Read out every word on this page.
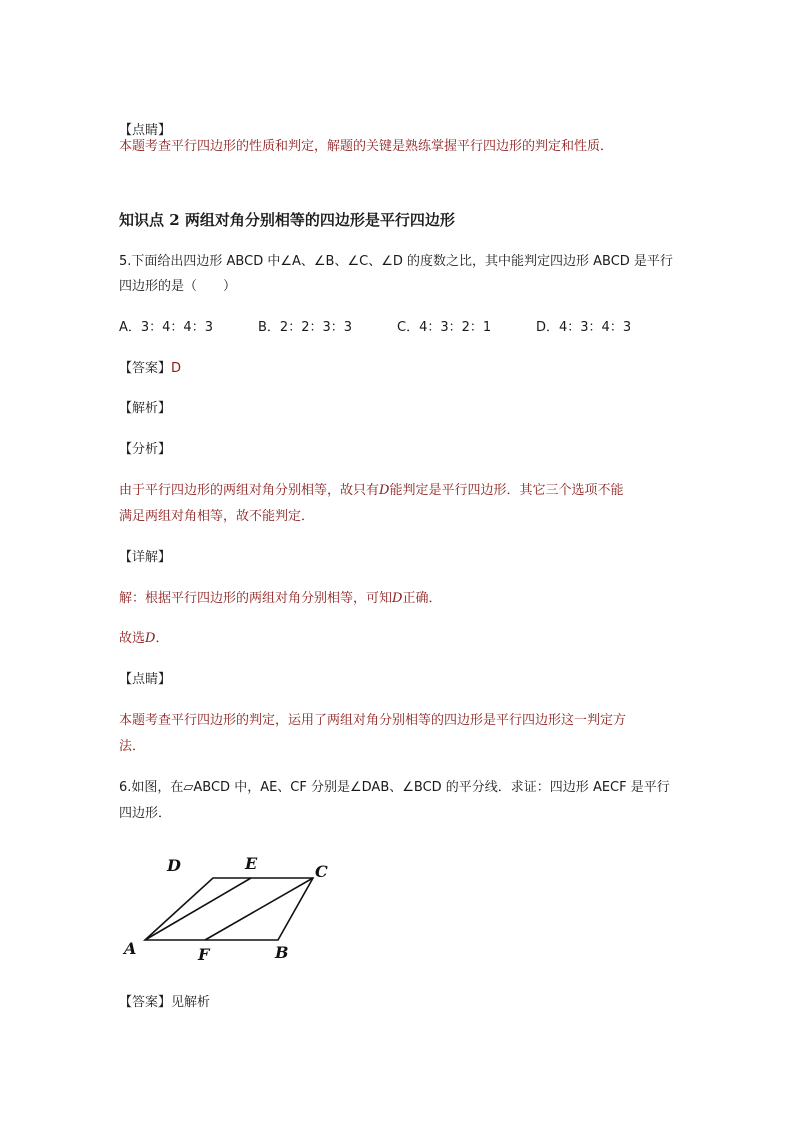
【点睛】
本题考查平行四边形的性质和判定，解题的关键是熟练掌握平行四边形的判定和性质．
知识点 2 两组对角分别相等的四边形是平行四边形
5.下面给出四边形 ABCD 中∠A、∠B、∠C、∠D 的度数之比，其中能判定四边形 ABCD 是平行
四边形的是（　　）
A．3：4：4：3	B．2：2：3：3	C．4：3：2：1	D．4：3：4：3
【答案】D
【解析】
【分析】
由于平行四边形的两组对角分别相等，故只有D能判定是平行四边形．其它三个选项不能
满足两组对角相等，故不能判定．
【详解】
解：根据平行四边形的两组对角分别相等，可知D正确．
故选D．
【点睛】
本题考查平行四边形的判定，运用了两组对角分别相等的四边形是平行四边形这一判定方
法．
6.如图，在▱ABCD 中，AE、CF 分别是∠DAB、∠BCD 的平分线．求证：四边形 AECF 是平行
四边形．
D	E	C
A	F	B
【答案】见解析
